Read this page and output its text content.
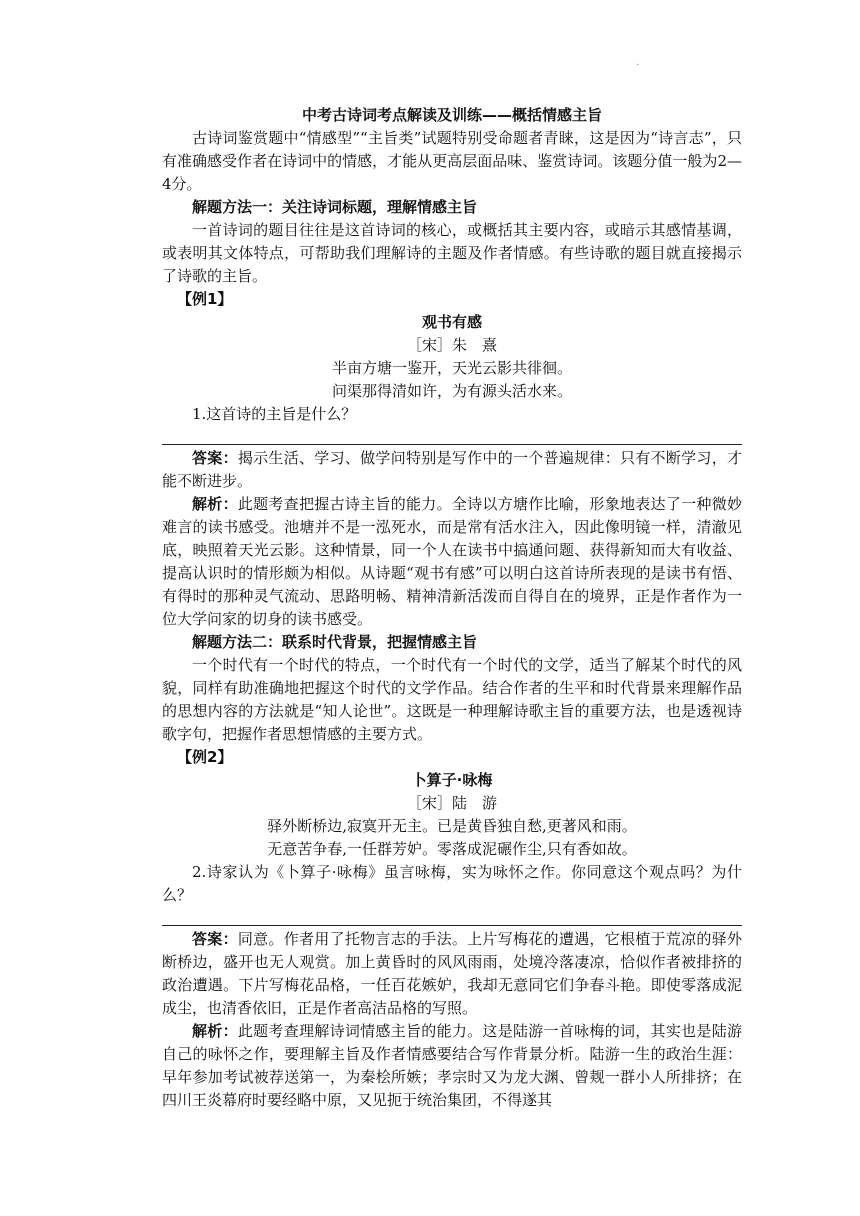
·

中考古诗词考点解读及训练——概括情感主旨

古诗词鉴赏题中“情感型”“主旨类”试题特别受命题者青睐，这是因为“诗言志”，只有准确感受作者在诗词中的情感，才能从更高层面品味、鉴赏诗词。该题分值一般为2—4分。

解题方法一：关注诗词标题，理解情感主旨

一首诗词的题目往往是这首诗词的核心，或概括其主要内容，或暗示其感情基调，或表明其文体特点，可帮助我们理解诗的主题及作者情感。有些诗歌的题目就直接揭示了诗歌的主旨。

【例1】

观书有感

［宋］朱　熹

半亩方塘一鉴开，天光云影共徘徊。

问渠那得清如许，为有源头活水来。

1.这首诗的主旨是什么？

答案：揭示生活、学习、做学问特别是写作中的一个普遍规律：只有不断学习，才能不断进步。

解析：此题考查把握古诗主旨的能力。全诗以方塘作比喻，形象地表达了一种微妙难言的读书感受。池塘并不是一泓死水，而是常有活水注入，因此像明镜一样，清澈见底，映照着天光云影。这种情景，同一个人在读书中搞通问题、获得新知而大有收益、提高认识时的情形颇为相似。从诗题“观书有感”可以明白这首诗所表现的是读书有悟、有得时的那种灵气流动、思路明畅、精神清新活泼而自得自在的境界，正是作者作为一位大学问家的切身的读书感受。

解题方法二：联系时代背景，把握情感主旨

一个时代有一个时代的特点，一个时代有一个时代的文学，适当了解某个时代的风貌，同样有助准确地把握这个时代的文学作品。结合作者的生平和时代背景来理解作品的思想内容的方法就是“知人论世”。这既是一种理解诗歌主旨的重要方法，也是透视诗歌字句，把握作者思想情感的主要方式。

【例2】

卜算子·咏梅

［宋］陆　游

驿外断桥边,寂寞开无主。已是黄昏独自愁,更著风和雨。

无意苦争春,一任群芳妒。零落成泥碾作尘,只有香如故。

2.诗家认为《卜算子·咏梅》虽言咏梅，实为咏怀之作。你同意这个观点吗？为什么？

答案：同意。作者用了托物言志的手法。上片写梅花的遭遇，它根植于荒凉的驿外断桥边，盛开也无人观赏。加上黄昏时的风风雨雨，处境冷落凄凉，恰似作者被排挤的政治遭遇。下片写梅花品格，一任百花嫉妒，我却无意同它们争春斗艳。即使零落成泥成尘，也清香依旧，正是作者高洁品格的写照。

解析：此题考查理解诗词情感主旨的能力。这是陆游一首咏梅的词，其实也是陆游自己的咏怀之作，要理解主旨及作者情感要结合写作背景分析。陆游一生的政治生涯：早年参加考试被荐送第一，为秦桧所嫉；孝宗时又为龙大渊、曾觌一群小人所排挤；在四川王炎幕府时要经略中原，又见扼于统治集团，不得遂其
